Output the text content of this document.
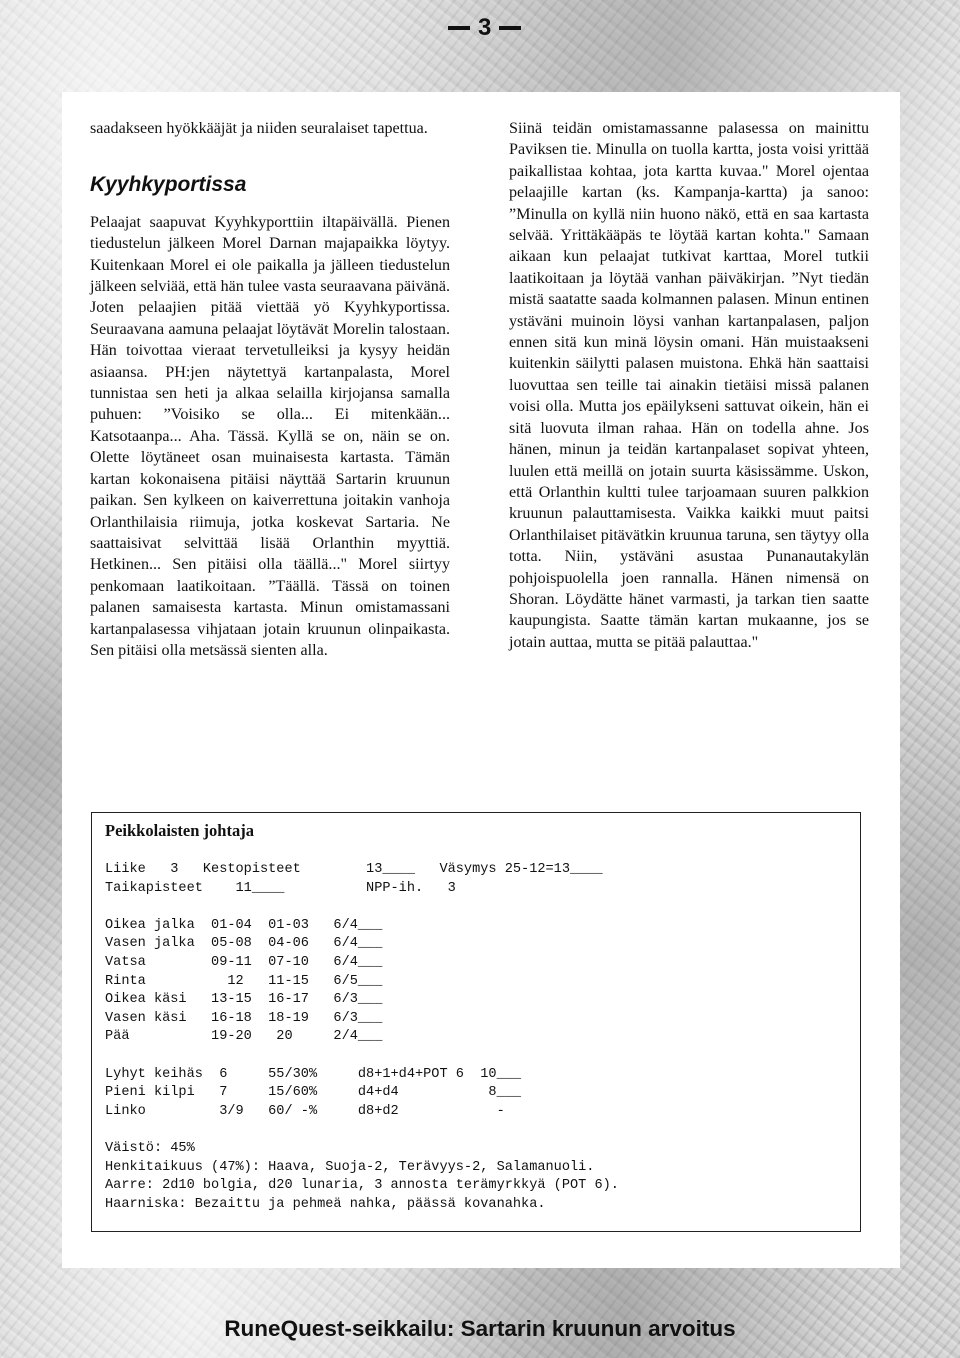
3

saadakseen hyökkääjät ja niiden seuralaiset tapettua.

Kyyhkyportissa

Pelaajat saapuvat Kyyhkyporttiin iltapäivällä. Pienen tiedustelun jälkeen Morel Darnan majapaikka löytyy. Kuitenkaan Morel ei ole paikalla ja jälleen tiedustelun jälkeen selviää, että hän tulee vasta seuraavana päivänä. Joten pelaajien pitää viettää yö Kyyhkyportissa. Seuraavana aamuna pelaajat löytävät Morelin talostaan. Hän toivottaa vieraat tervetulleiksi ja kysyy heidän asiaansa. PH:jen näytettyä kartanpalasta, Morel tunnistaa sen heti ja alkaa selailla kirjojansa samalla puhuen: ”Voisiko se olla... Ei mitenkään... Katsotaanpa... Aha. Tässä. Kyllä se on, näin se on. Olette löytäneet osan muinaisesta kartasta. Tämän kartan kokonaisena pitäisi näyttää Sartarin kruunun paikan. Sen kylkeen on kaiverrettuna joitakin vanhoja Orlanthilaisia riimuja, jotka koskevat Sartaria. Ne saattaisivat selvittää lisää Orlanthin myyttiä. Hetkinen... Sen pitäisi olla täällä..." Morel siirtyy penkomaan laatikoitaan. ”Täällä. Tässä on toinen palanen samaisesta kartasta. Minun omistamassani kartanpalasessa vihjataan jotain kruunun olinpaikasta. Sen pitäisi olla metsässä sienten alla.

Siinä teidän omistamassanne palasessa on mainittu Paviksen tie. Minulla on tuolla kartta, josta voisi yrittää paikallistaa kohtaa, jota kartta kuvaa." Morel ojentaa pelaajille kartan (ks. Kampanja-kartta) ja sanoo: ”Minulla on kyllä niin huono näkö, että en saa kartasta selvää. Yrittäkääpäs te löytää kartan kohta." Samaan aikaan kun pelaajat tutkivat karttaa, Morel tutkii laatikoitaan ja löytää vanhan päiväkirjan. ”Nyt tiedän mistä saatatte saada kolmannen palasen. Minun entinen ystäväni muinoin löysi vanhan kartanpalasen, paljon ennen sitä kun minä löysin omani. Hän muistaakseni kuitenkin säilytti palasen muistona. Ehkä hän saattaisi luovuttaa sen teille tai ainakin tietäisi missä palanen voisi olla. Mutta jos epäilykseni sattuvat oikein, hän ei sitä luovuta ilman rahaa. Hän on todella ahne. Jos hänen, minun ja teidän kartanpalaset sopivat yhteen, luulen että meillä on jotain suurta käsissämme. Uskon, että Orlanthin kultti tulee tarjoamaan suuren palkkion kruunun palauttamisesta. Vaikka kaikki muut paitsi Orlanthilaiset pitävätkin kruunua taruna, sen täytyy olla totta. Niin, ystäväni asustaa Punanautakylän pohjoispuolella joen rannalla. Hänen nimensä on Shoran. Löydätte hänet varmasti, ja tarkan tien saatte kaupungista. Saatte tämän kartan mukaanne, jos se jotain auttaa, mutta se pitää palauttaa."

Peikkolaisten johtaja
Liike   3   Kestopisteet        13____   Väsymys 25-12=13____
Taikapisteet    11____          NPP-ih.   3

Oikea jalka  01-04  01-03   6/4___
Vasen jalka  05-08  04-06   6/4___
Vatsa        09-11  07-10   6/4___
Rinta          12   11-15   6/5___
Oikea käsi   13-15  16-17   6/3___
Vasen käsi   16-18  18-19   6/3___
Pää          19-20   20     2/4___

Lyhyt keihäs  6     55/30%     d8+1+d4+POT 6  10___
Pieni kilpi   7     15/60%     d4+d4           8___
Linko         3/9   60/ -%     d8+d2            -

Väistö: 45%
Henkitaikuus (47%): Haava, Suoja-2, Terävyys-2, Salamanuoli.
Aarre: 2d10 bolgia, d20 lunaria, 3 annosta terämyrkkyä (POT 6).
Haarniska: Bezaittu ja pehmeä nahka, päässä kovanahka.

RuneQuest-seikkailu: Sartarin kruunun arvoitus
